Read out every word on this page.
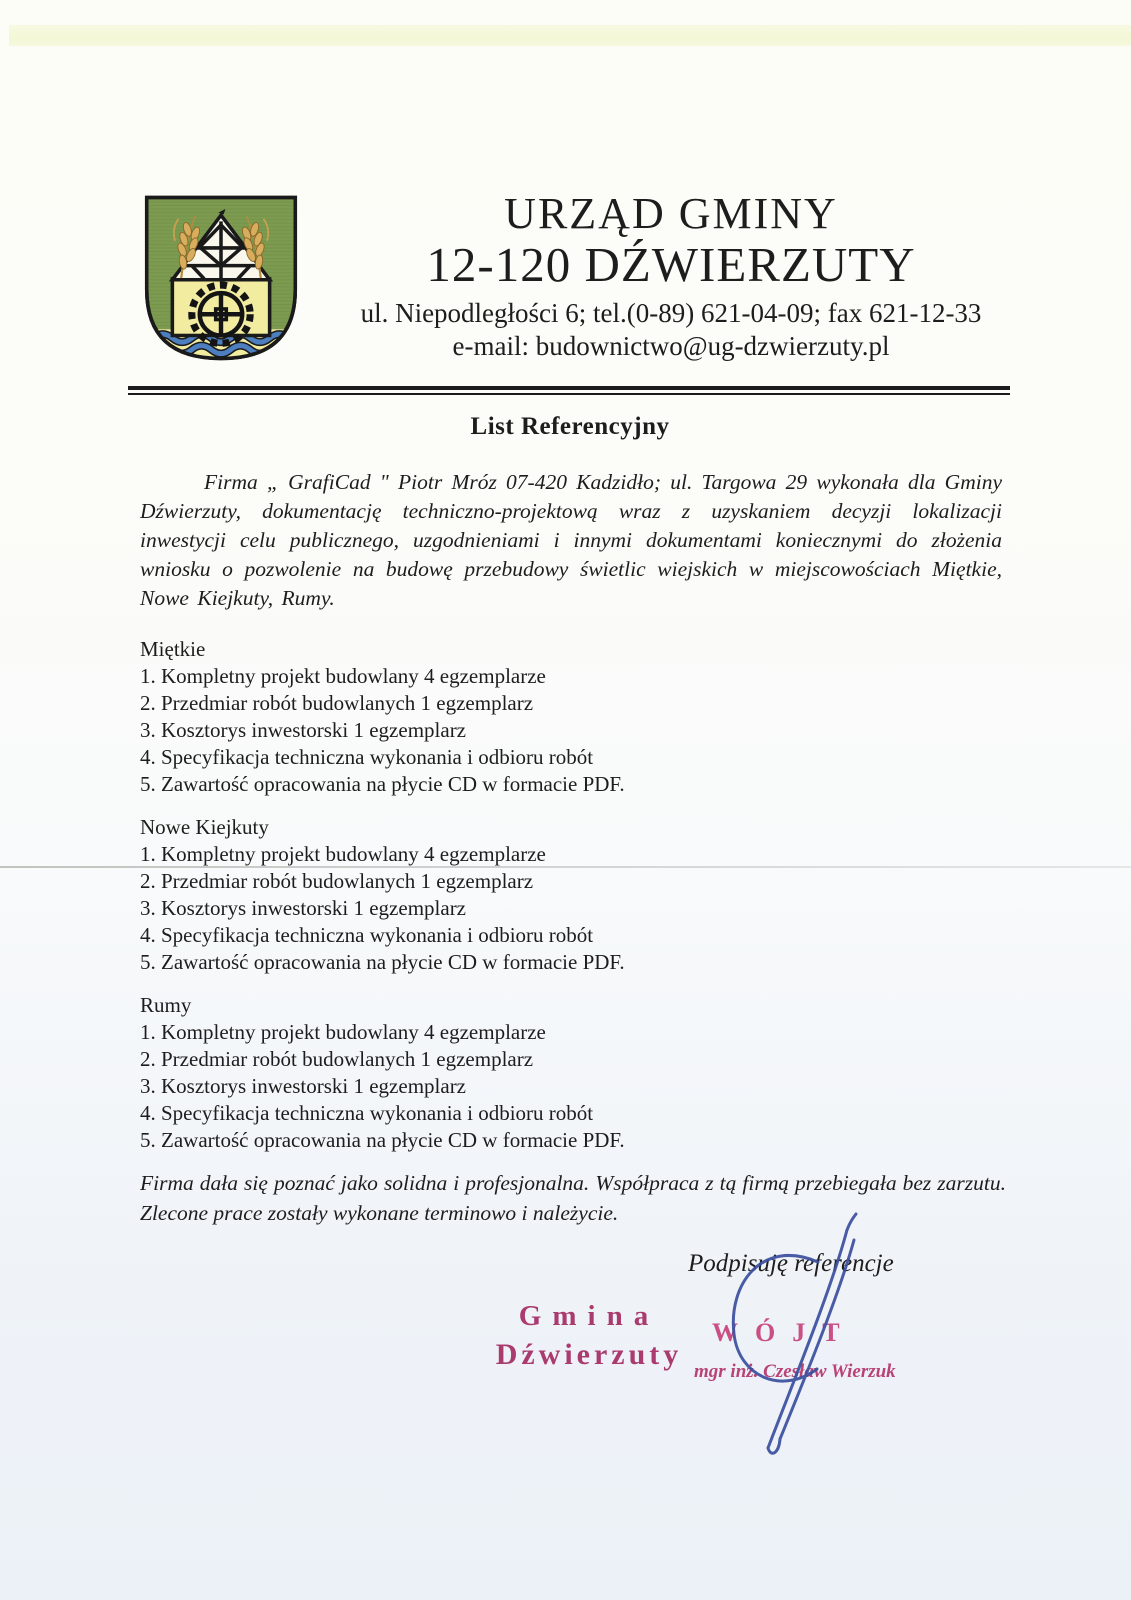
URZĄD GMINY
12-120 DŹWIERZUTY
ul. Niepodległości 6; tel.(0-89) 621-04-09; fax 621-12-33
e-mail: budownictwo@ug-dzwierzuty.pl
List Referencyjny
Firma „ GrafiCad " Piotr Mróz 07-420 Kadzidło; ul. Targowa 29 wykonała dla Gminy Dźwierzuty, dokumentację techniczno-projektową wraz z uzyskaniem decyzji lokalizacji inwestycji celu publicznego, uzgodnieniami i innymi dokumentami koniecznymi do złożenia wniosku o pozwolenie na budowę przebudowy świetlic wiejskich w miejscowościach Miętkie, Nowe Kiejkuty, Rumy.
Miętkie
1. Kompletny projekt budowlany 4 egzemplarze
2. Przedmiar robót budowlanych 1 egzemplarz
3. Kosztorys inwestorski 1 egzemplarz
4. Specyfikacja techniczna wykonania i odbioru robót
5. Zawartość opracowania na płycie CD w formacie PDF.
Nowe Kiejkuty
1. Kompletny projekt budowlany 4 egzemplarze
2. Przedmiar robót budowlanych 1 egzemplarz
3. Kosztorys inwestorski 1 egzemplarz
4. Specyfikacja techniczna wykonania i odbioru robót
5. Zawartość opracowania na płycie CD w formacie PDF.
Rumy
1. Kompletny projekt budowlany 4 egzemplarze
2. Przedmiar robót budowlanych 1 egzemplarz
3. Kosztorys inwestorski 1 egzemplarz
4. Specyfikacja techniczna wykonania i odbioru robót
5. Zawartość opracowania na płycie CD w formacie PDF.
Firma dała się poznać jako solidna i profesjonalna. Współpraca z tą firmą przebiegała bez zarzutu. Zlecone prace zostały wykonane terminowo i należycie.
Podpisuję referencje
Gmina
Dźwierzuty
WÓJT
mgr inż. Czesław Wierzuk
